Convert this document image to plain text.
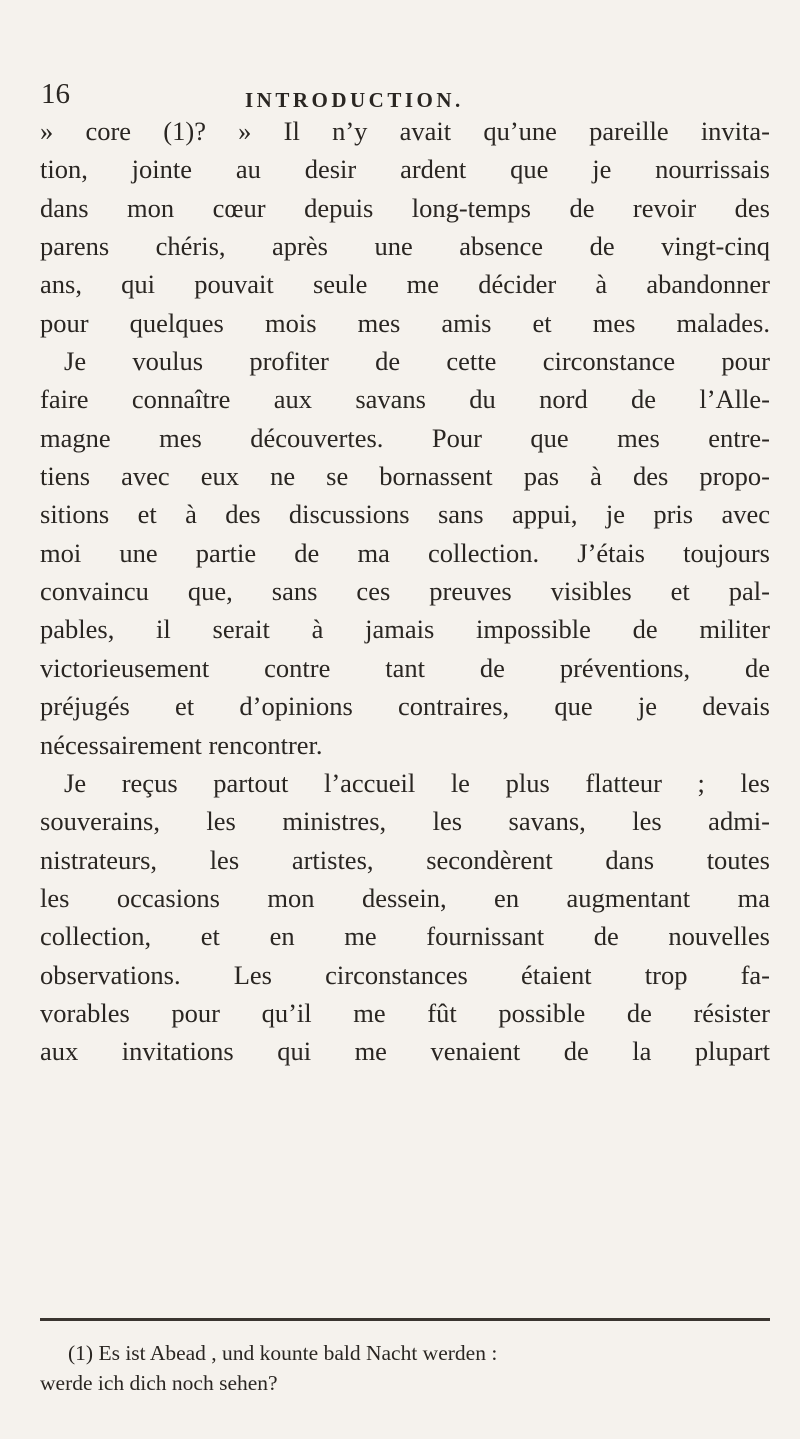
16	INTRODUCTION.
» core (1)? » Il n’y avait qu’une pareille invita-
tion, jointe au desir ardent que je nourrissais
dans mon cœur depuis long-temps de revoir des
parens chéris, après une absence de vingt-cinq
ans, qui pouvait seule me décider à abandonner
pour quelques mois mes amis et mes malades.
Je voulus profiter de cette circonstance pour
faire connaître aux savans du nord de l’Alle-
magne mes découvertes. Pour que mes entre-
tiens avec eux ne se bornassent pas à des propo-
sitions et à des discussions sans appui, je pris avec
moi une partie de ma collection. J’étais toujours
convaincu que, sans ces preuves visibles et pal-
pables, il serait à jamais impossible de militer
victorieusement contre tant de préventions, de
préjugés et d’opinions contraires, que je devais
nécessairement rencontrer.
Je reçus partout l’accueil le plus flatteur ; les
souverains, les ministres, les savans, les admi-
nistrateurs, les artistes, secondèrent dans toutes
les occasions mon dessein, en augmentant ma
collection, et en me fournissant de nouvelles
observations. Les circonstances étaient trop fa-
vorables pour qu’il me fût possible de résister
aux invitations qui me venaient de la plupart
(1) Es ist Abead , und kounte bald Nacht werden :
werde ich dich noch sehen?
